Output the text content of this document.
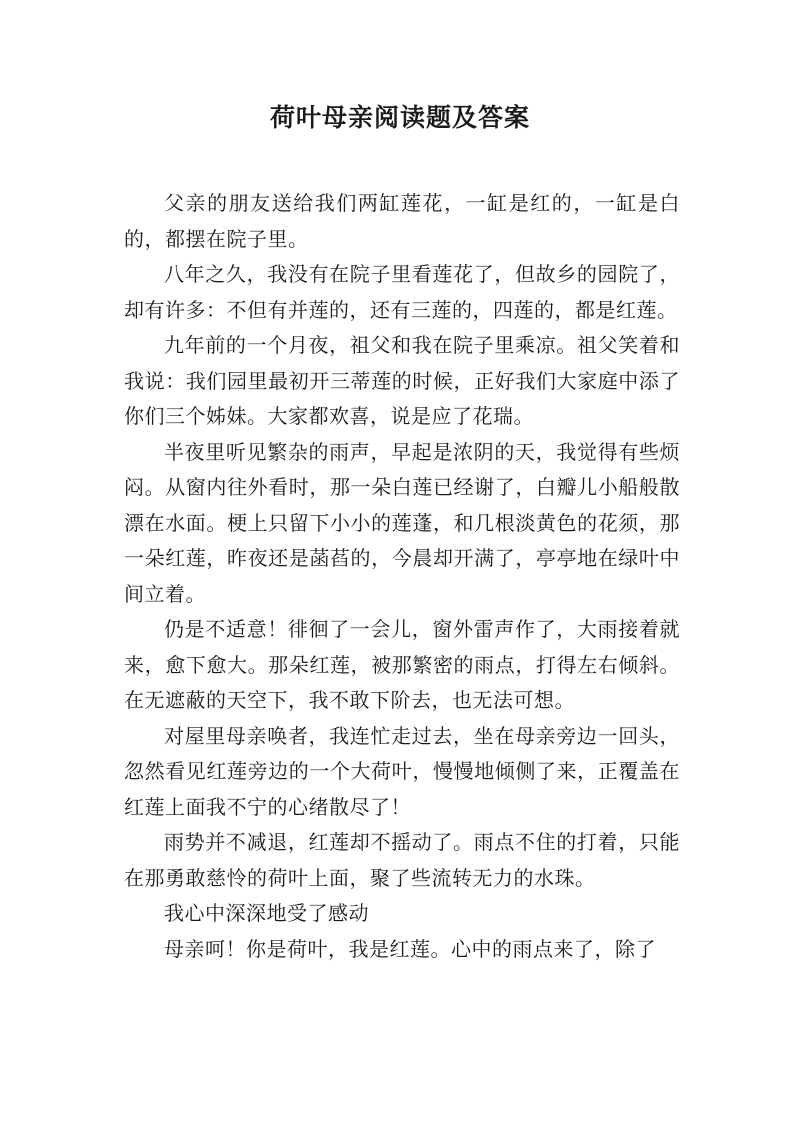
荷叶母亲阅读题及答案

父亲的朋友送给我们两缸莲花，一缸是红的，一缸是白的，都摆在院子里。

八年之久，我没有在院子里看莲花了，但故乡的园院了，却有许多：不但有并莲的，还有三莲的，四莲的，都是红莲。

九年前的一个月夜，祖父和我在院子里乘凉。祖父笑着和我说：我们园里最初开三蒂莲的时候，正好我们大家庭中添了你们三个姊妹。大家都欢喜，说是应了花瑞。

半夜里听见繁杂的雨声，早起是浓阴的天，我觉得有些烦闷。从窗内往外看时，那一朵白莲已经谢了，白瓣儿小船般散漂在水面。梗上只留下小小的莲蓬，和几根淡黄色的花须，那一朵红莲，昨夜还是菡萏的，今晨却开满了，亭亭地在绿叶中间立着。

仍是不适意！徘徊了一会儿，窗外雷声作了，大雨接着就来，愈下愈大。那朵红莲，被那繁密的雨点，打得左右倾斜。在无遮蔽的天空下，我不敢下阶去，也无法可想。

对屋里母亲唤者，我连忙走过去，坐在母亲旁边一回头，忽然看见红莲旁边的一个大荷叶，慢慢地倾侧了来，正覆盖在红莲上面我不宁的心绪散尽了！

雨势并不减退，红莲却不摇动了。雨点不住的打着，只能在那勇敢慈怜的荷叶上面，聚了些流转无力的水珠。

我心中深深地受了感动

母亲呵！你是荷叶，我是红莲。心中的雨点来了，除了
